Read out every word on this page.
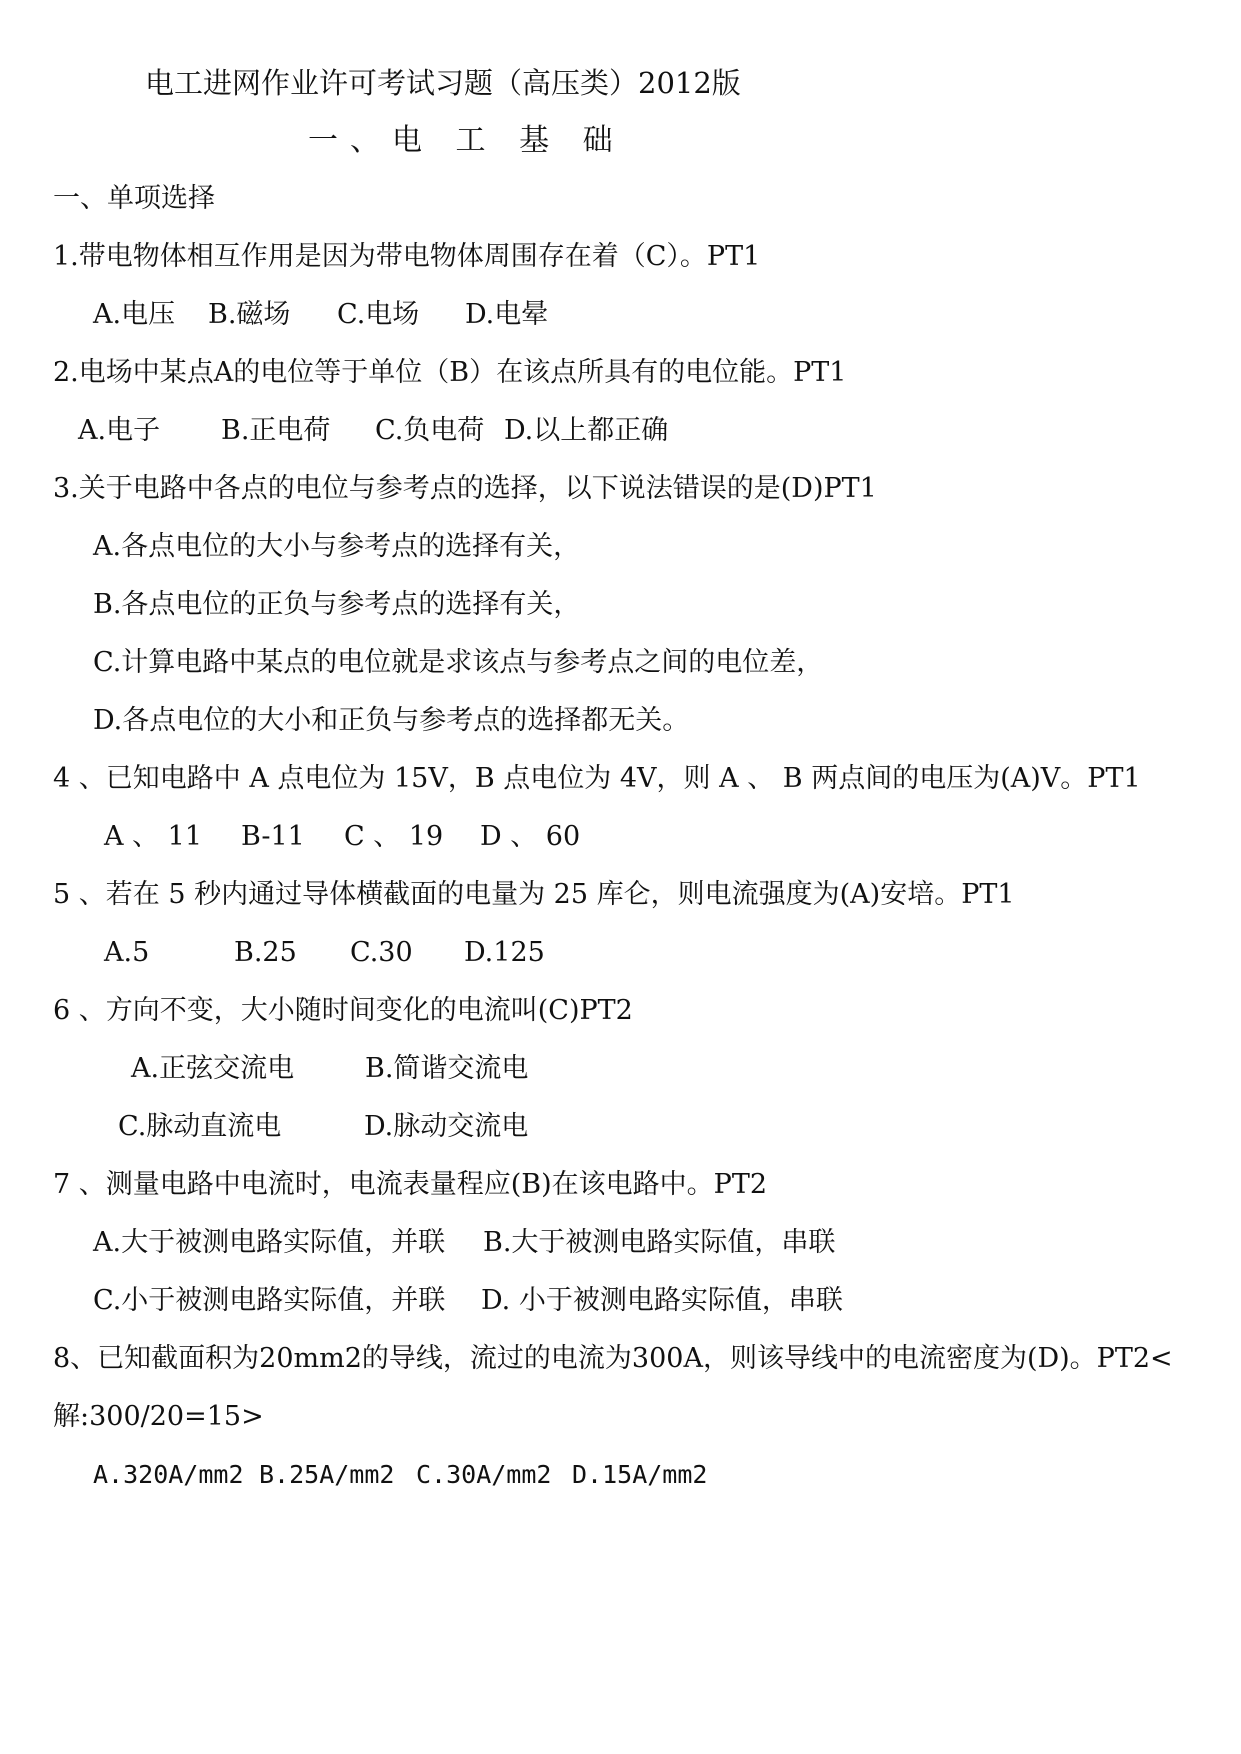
电工进网作业许可考试习题（高压类）2012版
一、电 工 基 础
一、单项选择
1.带电物体相互作用是因为带电物体周围存在着（C）。PT1
A.电压 B.磁场 C.电场 D.电晕
2.电场中某点A的电位等于单位（B）在该点所具有的电位能。PT1
A.电子 B.正电荷 C.负电荷 D.以上都正确
3.关于电路中各点的电位与参考点的选择，以下说法错误的是(D)PT1
A.各点电位的大小与参考点的选择有关，
B.各点电位的正负与参考点的选择有关，
C.计算电路中某点的电位就是求该点与参考点之间的电位差，
D.各点电位的大小和正负与参考点的选择都无关。
4 、已知电路中 A 点电位为 15V，B 点电位为 4V，则 A 、 B 两点间的电压为(A)V。PT1
A 、 11 B-11 C 、 19 D 、 60
5 、若在 5 秒内通过导体横截面的电量为 25 库仑，则电流强度为(A)安培。PT1
A.5	B.25 C.30 D.125
6 、方向不变，大小随时间变化的电流叫(C)PT2
A.正弦交流电	B.简谐交流电
C.脉动直流电	D.脉动交流电
7 、测量电路中电流时，电流表量程应(B)在该电路中。PT2
A.大于被测电路实际值，并联 B.大于被测电路实际值，串联
C.小于被测电路实际值，并联 D. 小于被测电路实际值，串联
8、已知截面积为20mm2的导线，流过的电流为300A，则该导线中的电流密度为(D)。PT2<
解:300/20=15>
A.320A/mm2 B.25A/mm2 C.30A/mm2 D.15A/mm2
